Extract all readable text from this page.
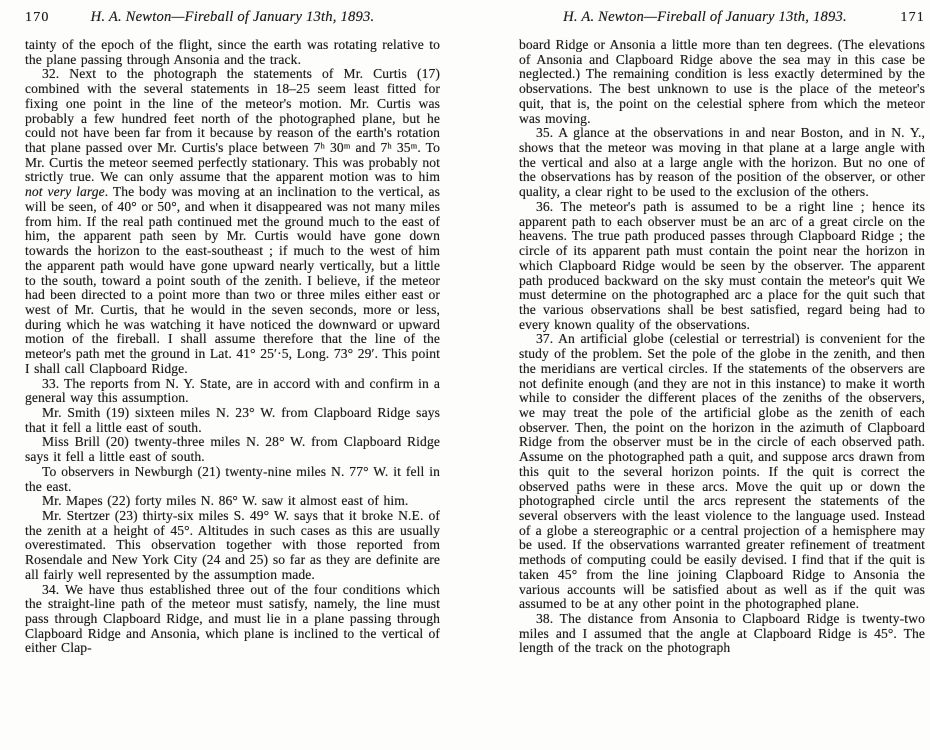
170	H. A. Newton—Fireball of January 13th, 1893.

tainty of the epoch of the flight, since the earth was rotating relative to the plane passing through Ansonia and the track.

32. Next to the photograph the statements of Mr. Curtis (17) combined with the several statements in 18–25 seem least fitted for fixing one point in the line of the meteor's motion. Mr. Curtis was probably a few hundred feet north of the photographed plane, but he could not have been far from it because by reason of the earth's rotation that plane passed over Mr. Curtis's place between 7ʰ 30ᵐ and 7ʰ 35ᵐ. To Mr. Curtis the meteor seemed perfectly stationary. This was probably not strictly true. We can only assume that the apparent motion was to him not very large. The body was moving at an inclination to the vertical, as will be seen, of 40° or 50°, and when it disappeared was not many miles from him. If the real path continued met the ground much to the east of him, the apparent path seen by Mr. Curtis would have gone down towards the horizon to the east-southeast ; if much to the west of him the apparent path would have gone upward nearly vertically, but a little to the south, toward a point south of the zenith. I believe, if the meteor had been directed to a point more than two or three miles either east or west of Mr. Curtis, that he would in the seven seconds, more or less, during which he was watching it have noticed the downward or upward motion of the fireball. I shall assume therefore that the line of the meteor's path met the ground in Lat. 41° 25′·5, Long. 73° 29′. This point I shall call Clapboard Ridge.

33. The reports from N. Y. State, are in accord with and confirm in a general way this assumption.

Mr. Smith (19) sixteen miles N. 23° W. from Clapboard Ridge says that it fell a little east of south.

Miss Brill (20) twenty-three miles N. 28° W. from Clapboard Ridge says it fell a little east of south.

To observers in Newburgh (21) twenty-nine miles N. 77° W. it fell in the east.

Mr. Mapes (22) forty miles N. 86° W. saw it almost east of him.

Mr. Stertzer (23) thirty-six miles S. 49° W. says that it broke N.E. of the zenith at a height of 45°. Altitudes in such cases as this are usually overestimated. This observation together with those reported from Rosendale and New York City (24 and 25) so far as they are definite are all fairly well represented by the assumption made.

34. We have thus established three out of the four conditions which the straight-line path of the meteor must satisfy, namely, the line must pass through Clapboard Ridge, and must lie in a plane passing through Clapboard Ridge and Ansonia, which plane is inclined to the vertical of either Clap-

171
H. A. Newton—Fireball of January 13th, 1893.

board Ridge or Ansonia a little more than ten degrees. (The elevations of Ansonia and Clapboard Ridge above the sea may in this case be neglected.) The remaining condition is less exactly determined by the observations. The best unknown to use is the place of the meteor's quit, that is, the point on the celestial sphere from which the meteor was moving.

35. A glance at the observations in and near Boston, and in N. Y., shows that the meteor was moving in that plane at a large angle with the vertical and also at a large angle with the horizon. But no one of the observations has by reason of the position of the observer, or other quality, a clear right to be used to the exclusion of the others.

36. The meteor's path is assumed to be a right line ; hence its apparent path to each observer must be an arc of a great circle on the heavens. The true path produced passes through Clapboard Ridge ; the circle of its apparent path must contain the point near the horizon in which Clapboard Ridge would be seen by the observer. The apparent path produced backward on the sky must contain the meteor's quit We must determine on the photographed arc a place for the quit such that the various observations shall be best satisfied, regard being had to every known quality of the observations.

37. An artificial globe (celestial or terrestrial) is convenient for the study of the problem. Set the pole of the globe in the zenith, and then the meridians are vertical circles. If the statements of the observers are not definite enough (and they are not in this instance) to make it worth while to consider the different places of the zeniths of the observers, we may treat the pole of the artificial globe as the zenith of each observer. Then, the point on the horizon in the azimuth of Clapboard Ridge from the observer must be in the circle of each observed path. Assume on the photographed path a quit, and suppose arcs drawn from this quit to the several horizon points. If the quit is correct the observed paths were in these arcs. Move the quit up or down the photographed circle until the arcs represent the statements of the several observers with the least violence to the language used. Instead of a globe a stereographic or a central projection of a hemisphere may be used. If the observations warranted greater refinement of treatment methods of computing could be easily devised. I find that if the quit is taken 45° from the line joining Clapboard Ridge to Ansonia the various accounts will be satisfied about as well as if the quit was assumed to be at any other point in the photographed plane.

38. The distance from Ansonia to Clapboard Ridge is twenty-two miles and I assumed that the angle at Clapboard Ridge is 45°. The length of the track on the photograph
